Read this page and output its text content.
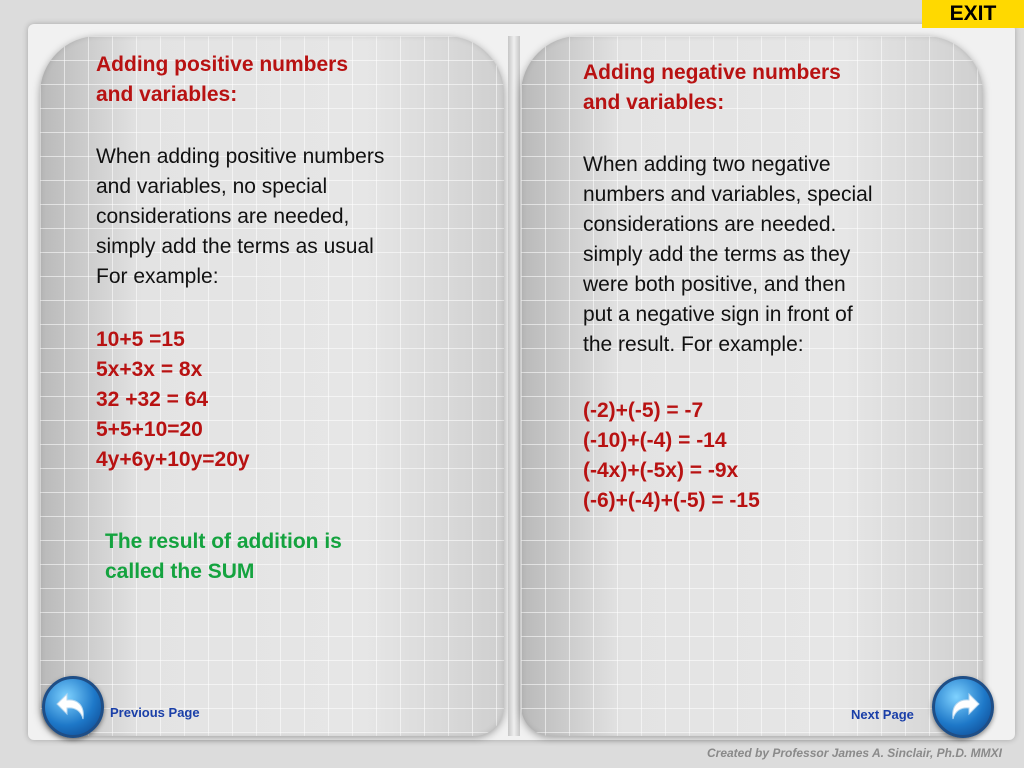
EXIT
Adding positive numbers
and variables:
When adding positive numbers
and variables, no special
considerations are needed,
simply add the terms as usual
For example:
10+5 =15
5x+3x = 8x
32 +32 = 64
5+5+10=20
4y+6y+10y=20y
The result of addition is
called the SUM
Adding negative numbers
and variables:
When adding two negative
numbers and variables, special
considerations are needed.
simply add the terms as they
were both positive, and then
put a negative sign in front of
the result. For example:
(-2)+(-5) = -7
(-10)+(-4) = -14
(-4x)+(-5x) = -9x
(-6)+(-4)+(-5) = -15
Previous Page	Next Page
Created by Professor James A. Sinclair, Ph.D. MMXI
